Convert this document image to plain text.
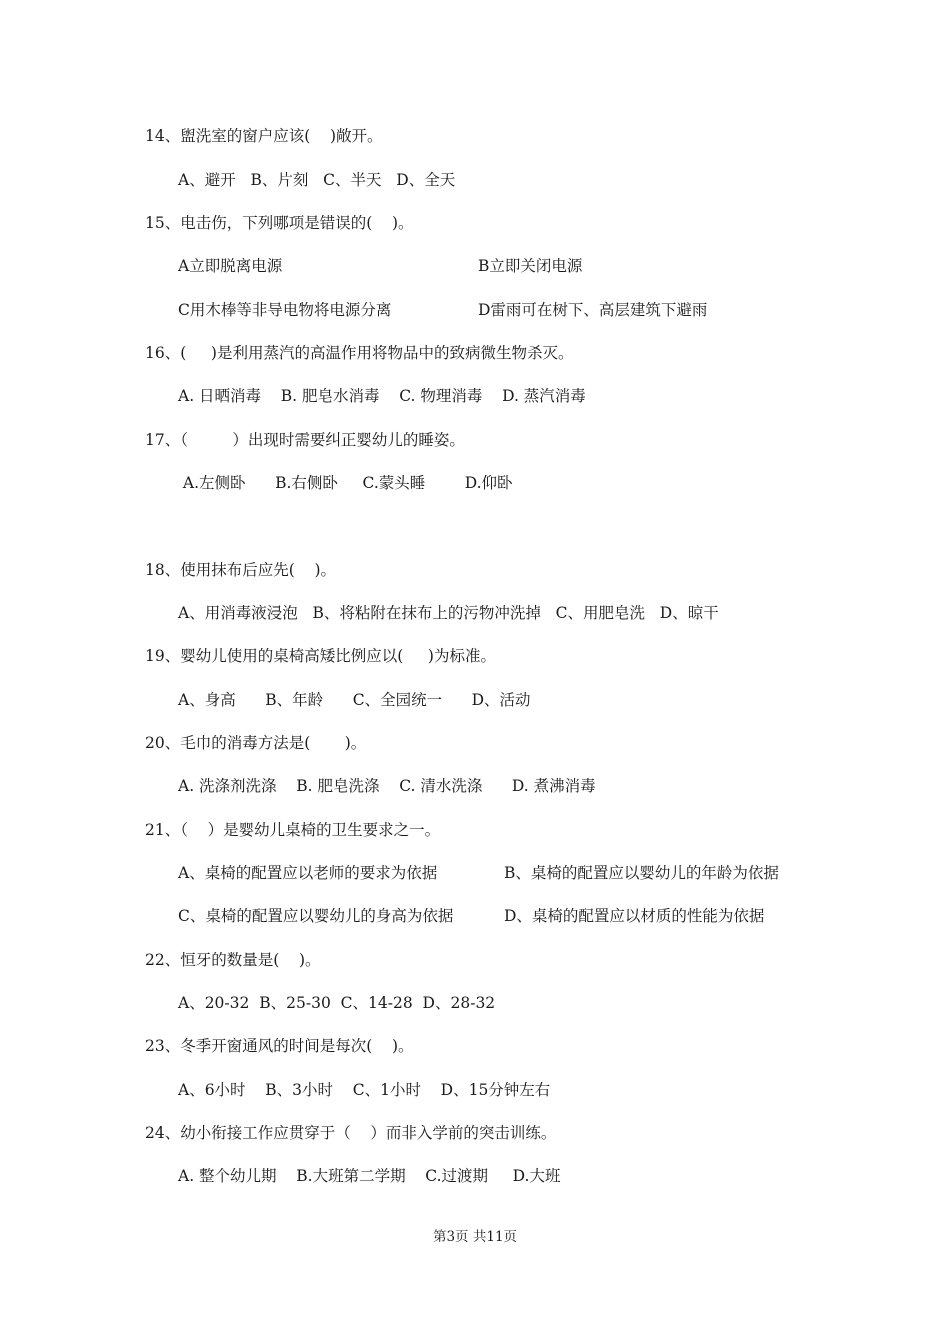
14、盥洗室的窗户应该(    )敞开。
A、避开   B、片刻   C、半天   D、全天
15、电击伤，下列哪项是错误的(    )。
A立即脱离电源	B立即关闭电源
C用木棒等非导电物将电源分离	D雷雨可在树下、高层建筑下避雨
16、(     )是利用蒸汽的高温作用将物品中的致病微生物杀灭。
A. 日晒消毒    B. 肥皂水消毒    C. 物理消毒    D. 蒸汽消毒
17、（         ）出现时需要纠正婴幼儿的睡姿。
A.左侧卧      B.右侧卧     C.蒙头睡        D.仰卧
18、使用抹布后应先(    )。
A、用消毒液浸泡   B、将粘附在抹布上的污物冲洗掉   C、用肥皂洗   D、晾干
19、婴幼儿使用的桌椅高矮比例应以(     )为标准。
A、身高      B、年龄      C、全园统一      D、活动
20、毛巾的消毒方法是(       )。
A. 洗涤剂洗涤    B. 肥皂洗涤    C. 清水洗涤      D. 煮沸消毒
21、（    ）是婴幼儿桌椅的卫生要求之一。
A、桌椅的配置应以老师的要求为依据	B、桌椅的配置应以婴幼儿的年龄为依据
C、桌椅的配置应以婴幼儿的身高为依据	D、桌椅的配置应以材质的性能为依据
22、恒牙的数量是(    )。
A、20-32  B、25-30  C、14-28  D、28-32
23、冬季开窗通风的时间是每次(    )。
A、6小时    B、3小时    C、1小时    D、15分钟左右
24、幼小衔接工作应贯穿于（    ）而非入学前的突击训练。
A. 整个幼儿期    B.大班第二学期    C.过渡期     D.大班
第3页 共11页
